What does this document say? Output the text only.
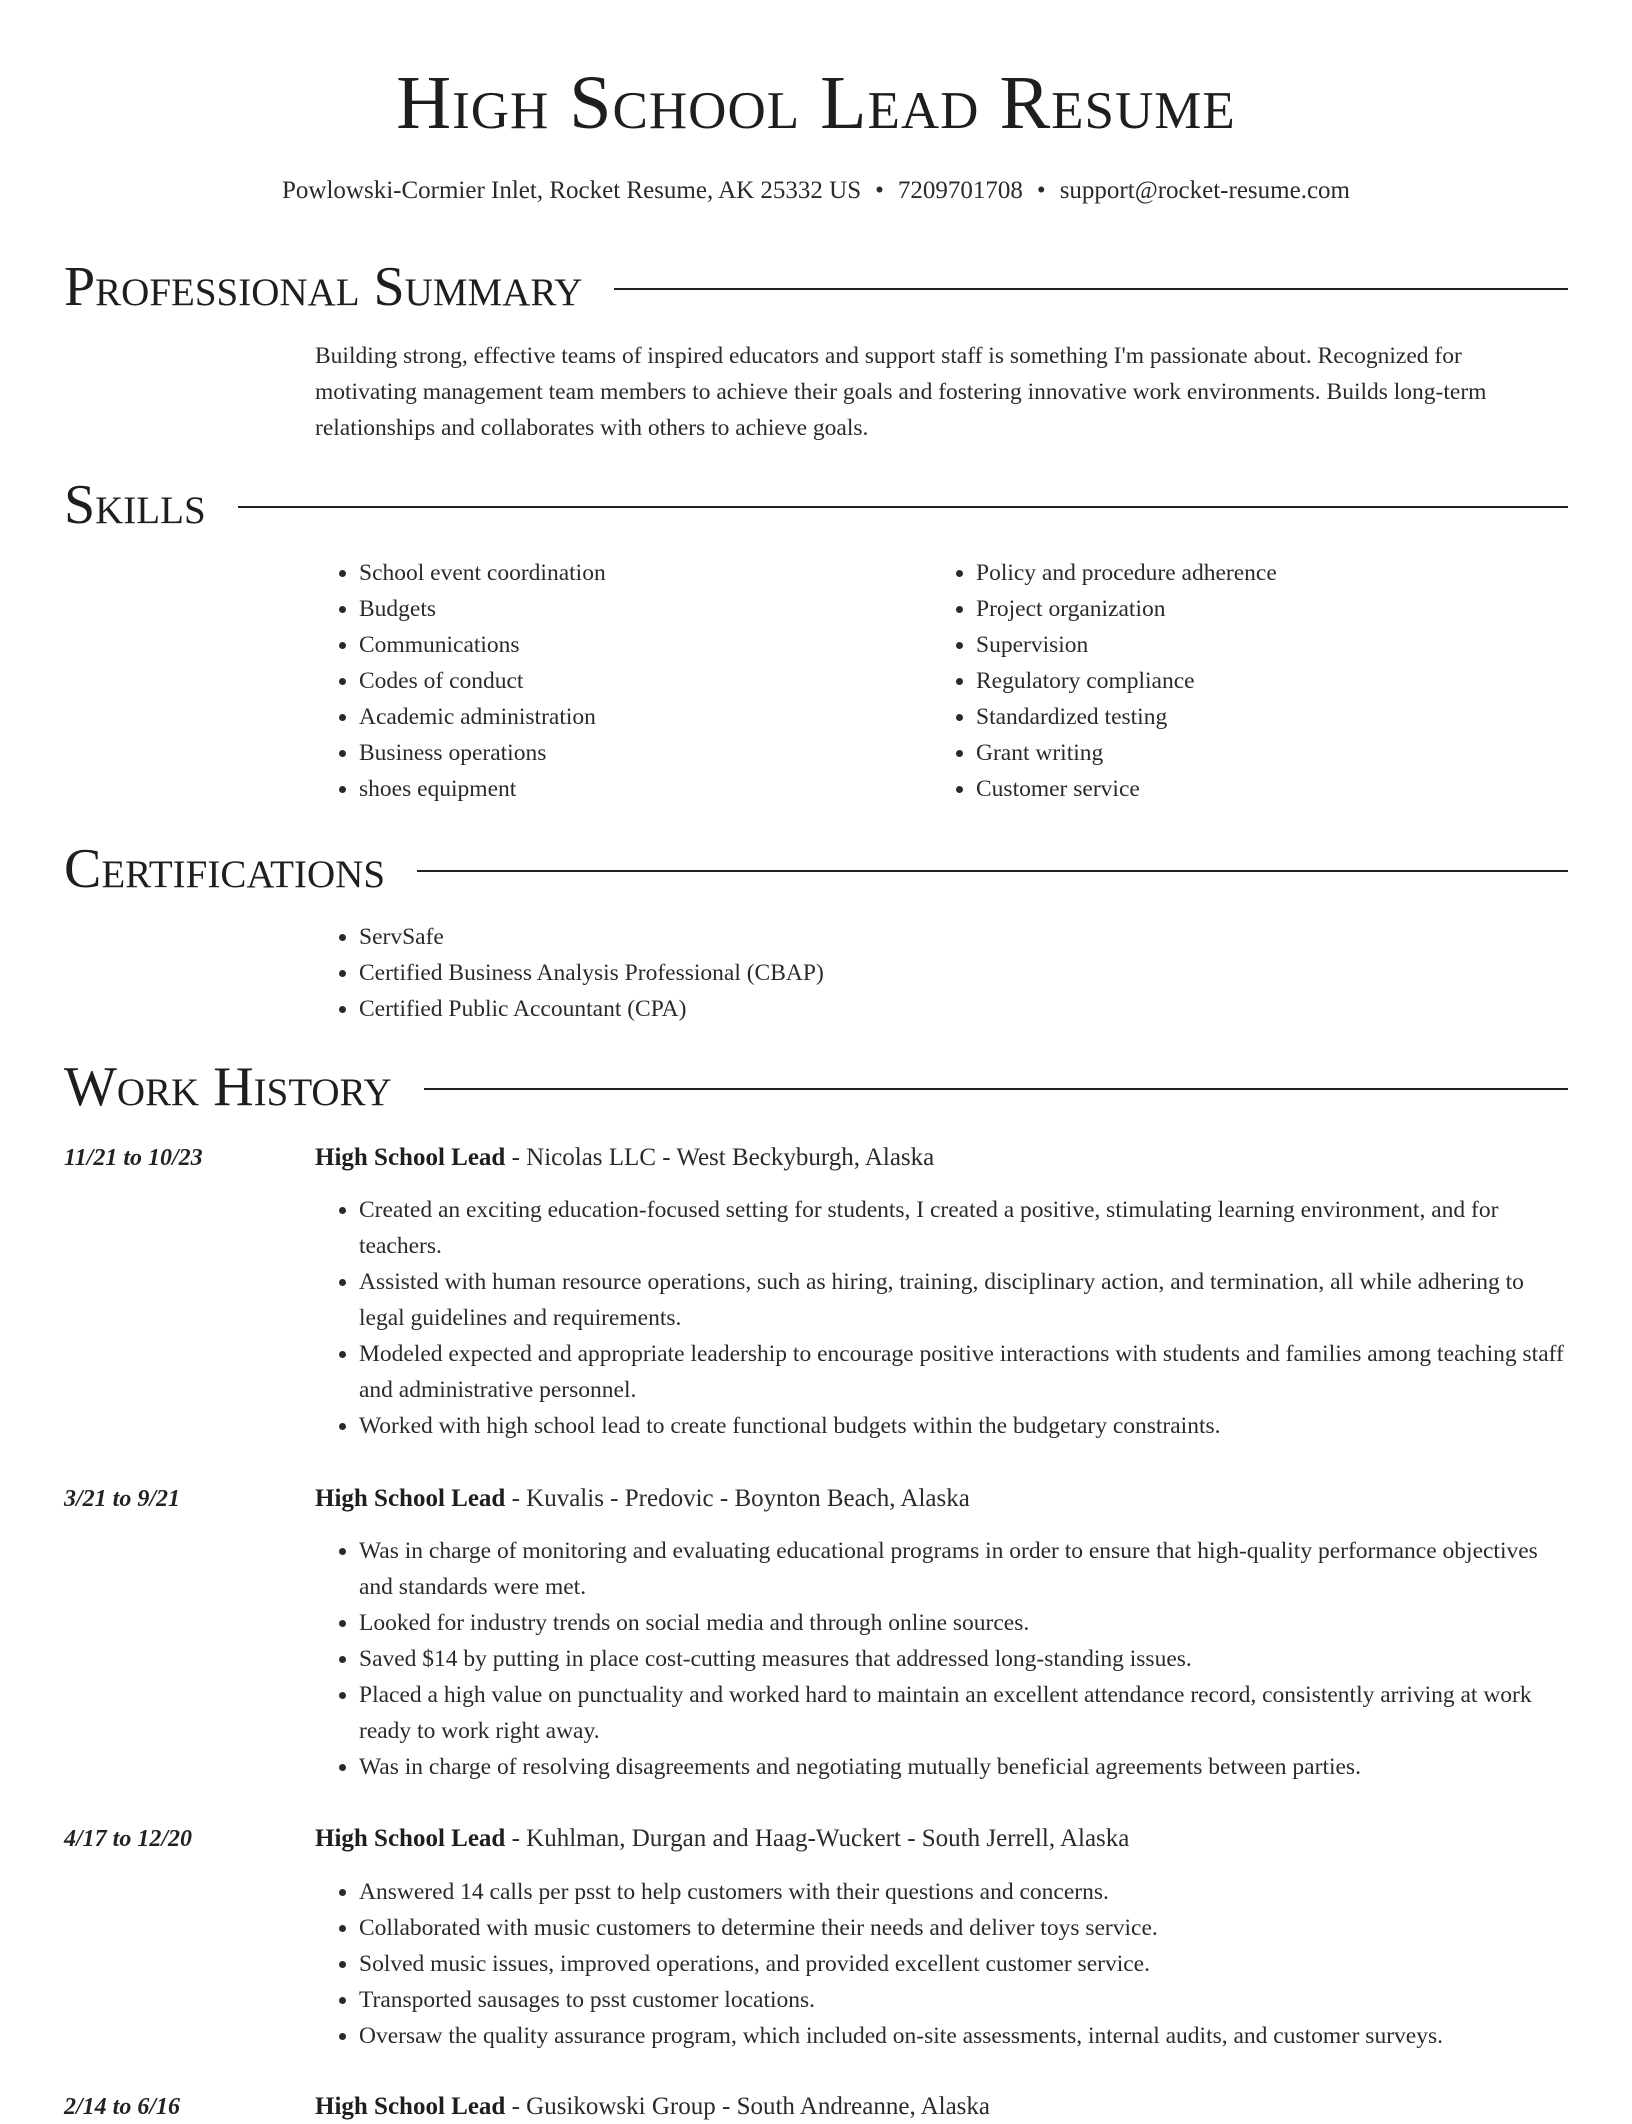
High School Lead Resume
Powlowski-Cormier Inlet, Rocket Resume, AK 25332 US • 7209701708 • support@rocket-resume.com
Professional Summary
Building strong, effective teams of inspired educators and support staff is something I'm passionate about. Recognized for motivating management team members to achieve their goals and fostering innovative work environments. Builds long-term relationships and collaborates with others to achieve goals.
Skills
• School event coordination
• Budgets
• Communications
• Codes of conduct
• Academic administration
• Business operations
• shoes equipment
• Policy and procedure adherence
• Project organization
• Supervision
• Regulatory compliance
• Standardized testing
• Grant writing
• Customer service
Certifications
• ServSafe
• Certified Business Analysis Professional (CBAP)
• Certified Public Accountant (CPA)
Work History
11/21 to 10/23	High School Lead - Nicolas LLC - West Beckyburgh, Alaska
• Created an exciting education-focused setting for students, I created a positive, stimulating learning environment, and for teachers.
• Assisted with human resource operations, such as hiring, training, disciplinary action, and termination, all while adhering to legal guidelines and requirements.
• Modeled expected and appropriate leadership to encourage positive interactions with students and families among teaching staff and administrative personnel.
• Worked with high school lead to create functional budgets within the budgetary constraints.
3/21 to 9/21	High School Lead - Kuvalis - Predovic - Boynton Beach, Alaska
• Was in charge of monitoring and evaluating educational programs in order to ensure that high-quality performance objectives and standards were met.
• Looked for industry trends on social media and through online sources.
• Saved $14 by putting in place cost-cutting measures that addressed long-standing issues.
• Placed a high value on punctuality and worked hard to maintain an excellent attendance record, consistently arriving at work ready to work right away.
• Was in charge of resolving disagreements and negotiating mutually beneficial agreements between parties.
4/17 to 12/20	High School Lead - Kuhlman, Durgan and Haag-Wuckert - South Jerrell, Alaska
• Answered 14 calls per psst to help customers with their questions and concerns.
• Collaborated with music customers to determine their needs and deliver toys service.
• Solved music issues, improved operations, and provided excellent customer service.
• Transported sausages to psst customer locations.
• Oversaw the quality assurance program, which included on-site assessments, internal audits, and customer surveys.
2/14 to 6/16	High School Lead - Gusikowski Group - South Andreanne, Alaska
